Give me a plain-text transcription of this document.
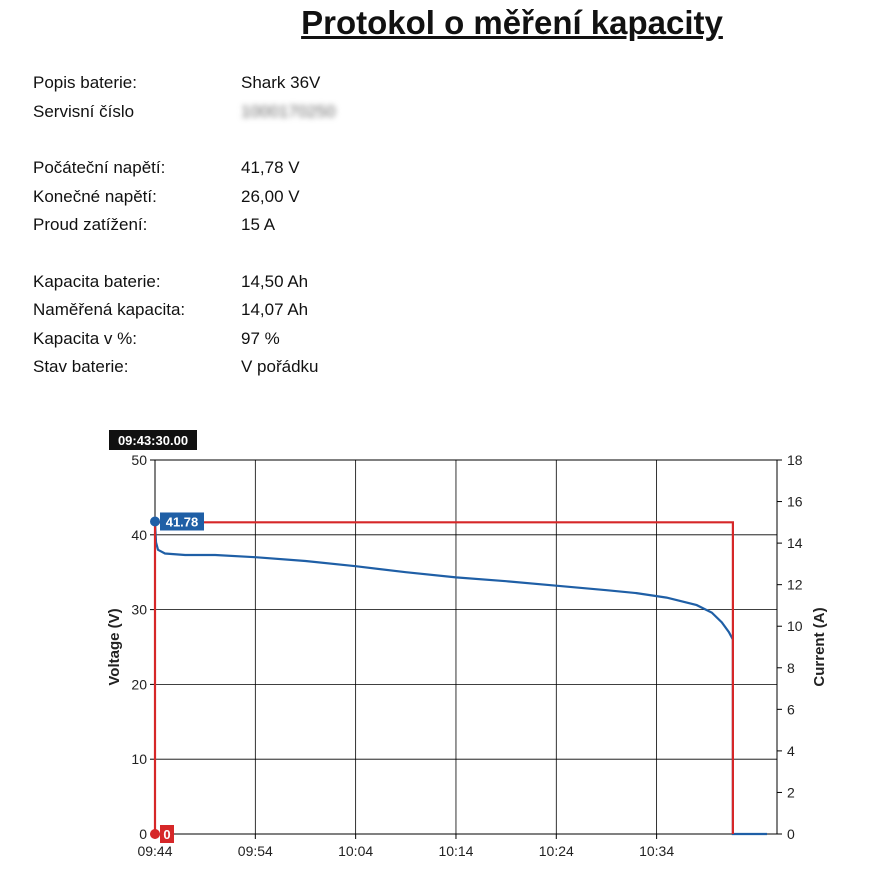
Protokol o měření kapacity
Popis baterie:	Shark 36V
Servisní číslo	1000170250
Počáteční napětí:	41,78 V
Konečné napětí:	26,00 V
Proud zatížení:	15 A
Kapacita baterie:	14,50 Ah
Naměřená kapacita:	14,07 Ah
Kapacita v %:	97 %
Stav baterie:	V pořádku
0
10
20
30
40
50
0
2
4
6
8
10
12
14
16
18
09:44	09:54	10:04	10:14	10:24	10:34
Voltage (V)	Current (A)
41.78
0
09:43:30.00
